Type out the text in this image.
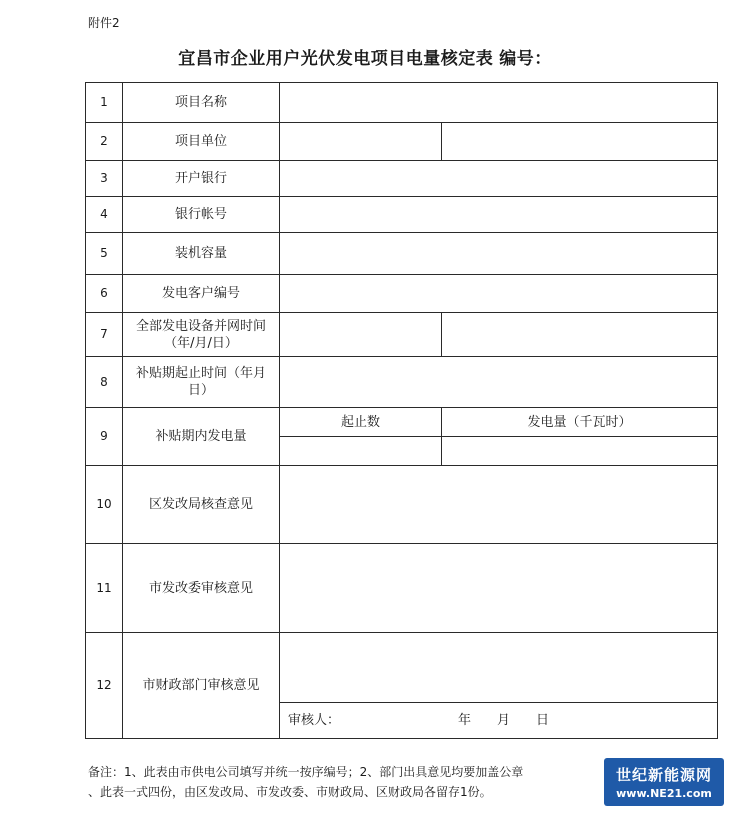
附件2
宜昌市企业用户光伏发电项目电量核定表 编号：
1	项目名称		
2	项目单位		
3	开户银行		
4	银行帐号		
5	装机容量		
6	发电客户编号		
7	全部发电设备并网时间（年/月/日）		
8	补贴期起止时间（年月日）		
9	补贴期内发电量	起止数	发电量（千瓦时）

10	区发改局核查意见		
11	市发改委审核意见		
12	市财政部门审核意见		

		审核人： 年 月 日	

备注：1、此表由市供电公司填写并统一按序编号；2、部门出具意见均要加盖公章

、此表一式四份，由区发改局、市发改委、市财政局、区财政局各留存1份。

世纪新能源网
www.NE21.com
